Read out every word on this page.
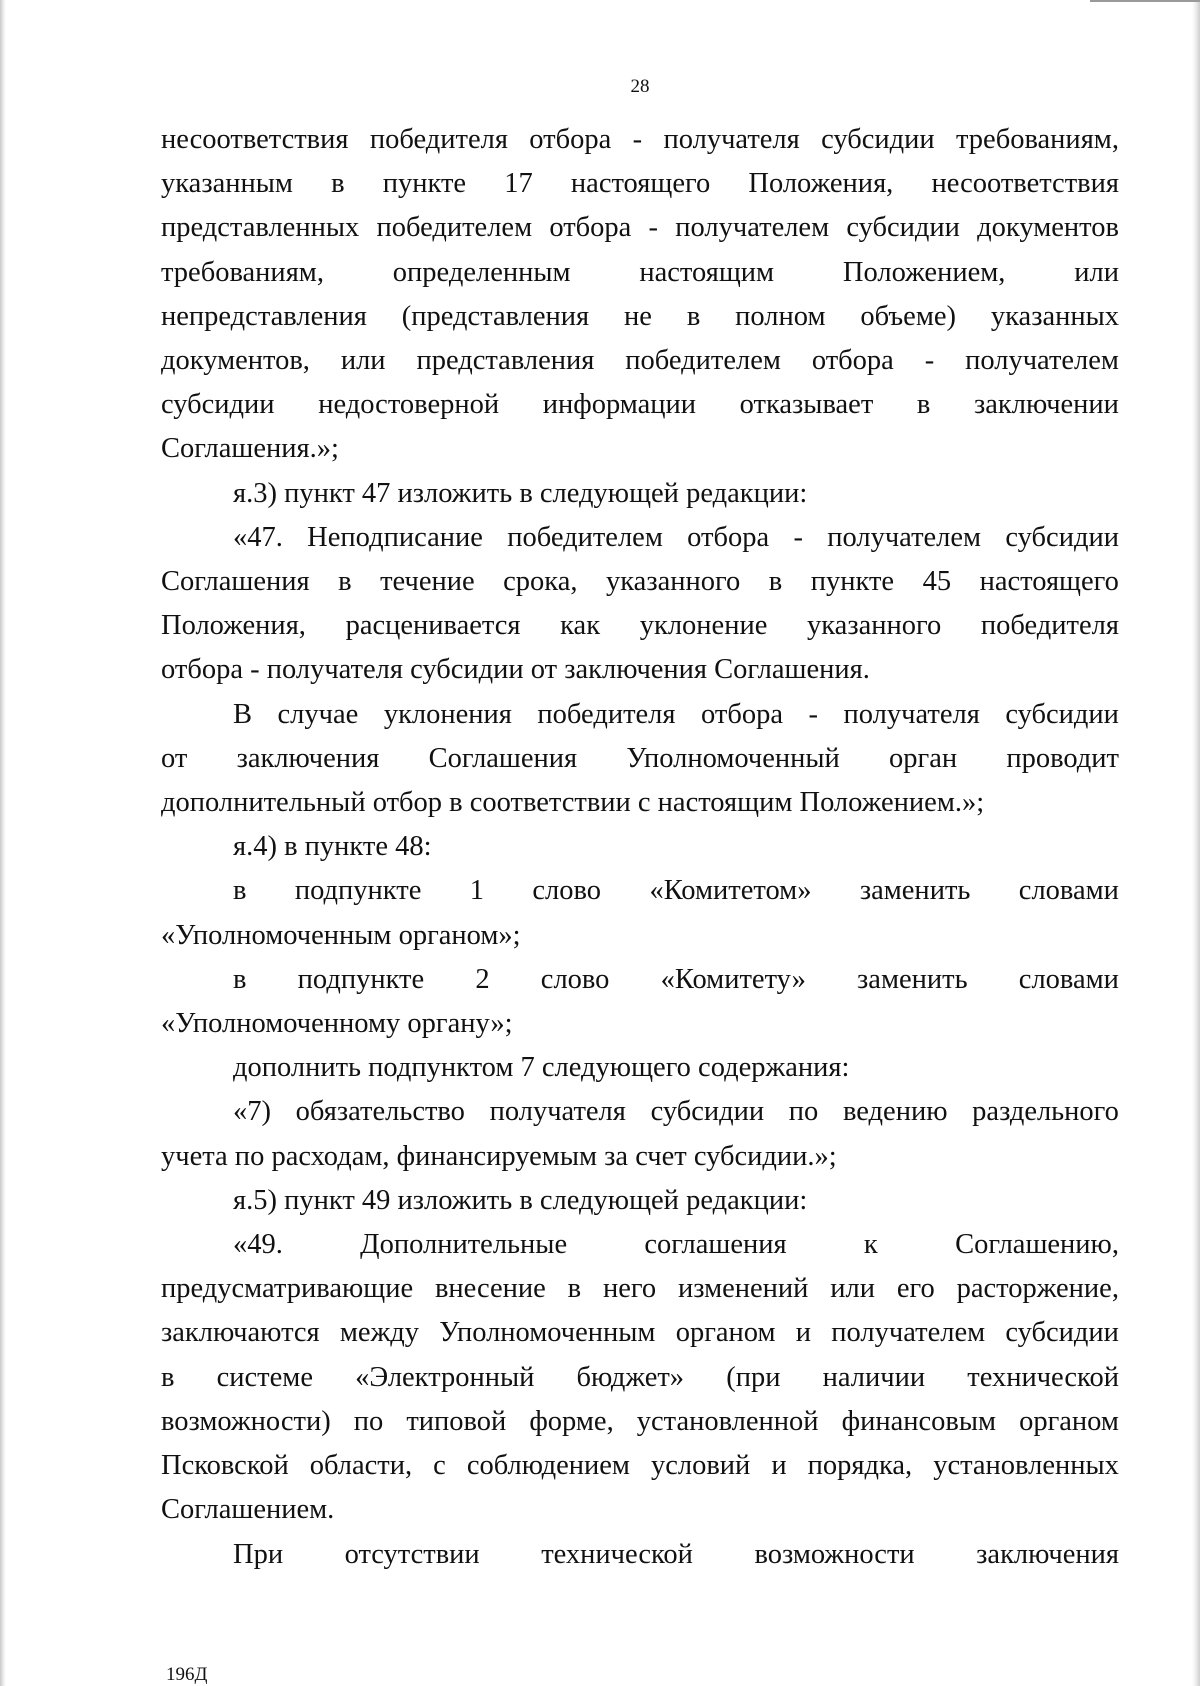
28
несоответствия победителя отбора - получателя субсидии требованиям,
указанным в пункте 17 настоящего Положения, несоответствия
представленных победителем отбора - получателем субсидии документов
требованиям, определенным настоящим Положением, или
непредставления (представления не в полном объеме) указанных
документов, или представления победителем отбора - получателем
субсидии недостоверной информации отказывает в заключении
Соглашения.»;
я.3) пункт 47 изложить в следующей редакции:
«47. Неподписание победителем отбора - получателем субсидии
Соглашения в течение срока, указанного в пункте 45 настоящего
Положения, расценивается как уклонение указанного победителя
отбора - получателя субсидии от заключения Соглашения.
В случае уклонения победителя отбора - получателя субсидии
от заключения Соглашения Уполномоченный орган проводит
дополнительный отбор в соответствии с настоящим Положением.»;
я.4) в пункте 48:
в подпункте 1 слово «Комитетом» заменить словами
«Уполномоченным органом»;
в подпункте 2 слово «Комитету» заменить словами
«Уполномоченному органу»;
дополнить подпунктом 7 следующего содержания:
«7) обязательство получателя субсидии по ведению раздельного
учета по расходам, финансируемым за счет субсидии.»;
я.5) пункт 49 изложить в следующей редакции:
«49.	Дополнительные	соглашения	к	Соглашению,
предусматривающие внесение в него изменений или его расторжение,
заключаются между Уполномоченным органом и получателем субсидии
в системе «Электронный бюджет» (при наличии технической
возможности) по типовой форме, установленной финансовым органом
Псковской области, с соблюдением условий и порядка, установленных
Соглашением.
При отсутствии технической возможности заключения
196Д
